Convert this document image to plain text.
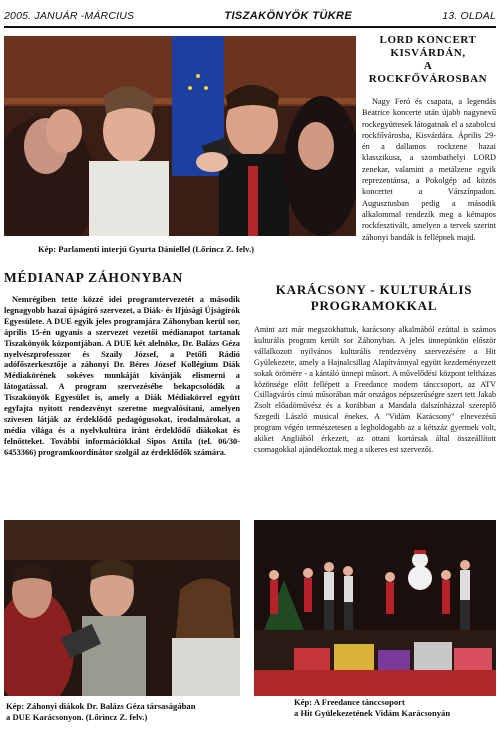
2005. JANUÁR -MÁRCIUS	TISZAKÖNYÖK TÜKRE	13. OLDAL
Kép: Parlamenti interjú Gyurta Dániellel (Lőrincz Z. felv.)
LORD KONCERT
KISVÁRDÁN,
A
ROCKFŐVÁROSBAN

Nagy Feró és csapata, a legendás Beatrice koncerte után újabb nagynevű rockegyüttesek látogatnak el a szabolcsi rockfővárosba, Kisvárdára. Április 29-én a dallamos rockzene hazai klasszikusa, a szombathelyi LORD zenekar, valamint a metálzene egyik reprezentánsa, a Pokolgép ad közös koncertet a Várszínpadon. Augusztusban pedig a második alkalommal rendezik meg a kétnapos rockfesztivált, amelyen a tervek szerint záhonyi bandák is fellépnek majd.

MÉDIANAP ZÁHONYBAN

Nemrégiben tette közzé idei programtervezetét a második legnagyobb hazai újságíró szervezet, a Diák- és Ifjúsági Újságírók Egyesülete. A DUE egyik jeles programjára Záhonyban kerül sor, április 15-én ugyanis a szervezet vezetői médianapot tartanak Tiszakönyök központjában. A DUE két alelnöke, Dr. Balázs Géza nyelvészprofesszor és Szaily József, a Petőfi Rádió adófőszerkesztője a záhonyi Dr. Béres József Kollégium Diák Médiakörének sokéves munkáját kívánják elismerni a látogatással. A program szervezésébe bekapcsolódik a Tiszakönyök Egyesület is, amely a Diák Médiakörrel együtt egyfajta nyitott rendezvényt szeretne megvalósítani, amelyen szívesen látják az érdeklődő pedagógusokat, irodalmárokat, a média világa és a nyelvkultúra iránt érdeklődő diákokat és felnőtteket. További információkkal Sipos Attila (tel. 06/30-6453366) programkoordinátor szolgál az érdeklődők számára.

KARÁCSONY - KULTURÁLIS
PROGRAMOKKAL

Amint azt már megszokhattuk, karácsony alkalmából ezúttal is számos kulturális program került sor Záhonyban. A jeles ünnepünkön először vállalkozott nyilvános kulturális rendezvény szervezésére a Hit Gyülekezete, amely a Hajnalcsillag Alapítvánnyal együtt kezdeményezett sokak örömére - a kántáló ünnepi műsort. A művelődési központ teltházas közönsége előtt fellépett a Freedance modern tánccsoport, az ATV Csillagvárós címú műsorában már országos népszerűségre szert tett Jakab Zsolt előadóművész és a korábban a Mandala dalszínházzal szereplő Szegedi László musical énekes. A "Vidám Karácsony" elnevezésű program végén természetesen a legboldogabb az a kétszáz gyermek volt, akiket Angliából érkezett, az ottani kortársak által összeállított csomagokkal ajándékoztak meg a sikeres est szervezői.

Kép: Záhonyi diákok Dr. Balázs Géza társaságában
a DUE Karácsonyon. (Lőrincz Z. felv.)
Kép: A Freedance tánccsoport
a Hit Gyülekezetének Vidám Karácsonyán
